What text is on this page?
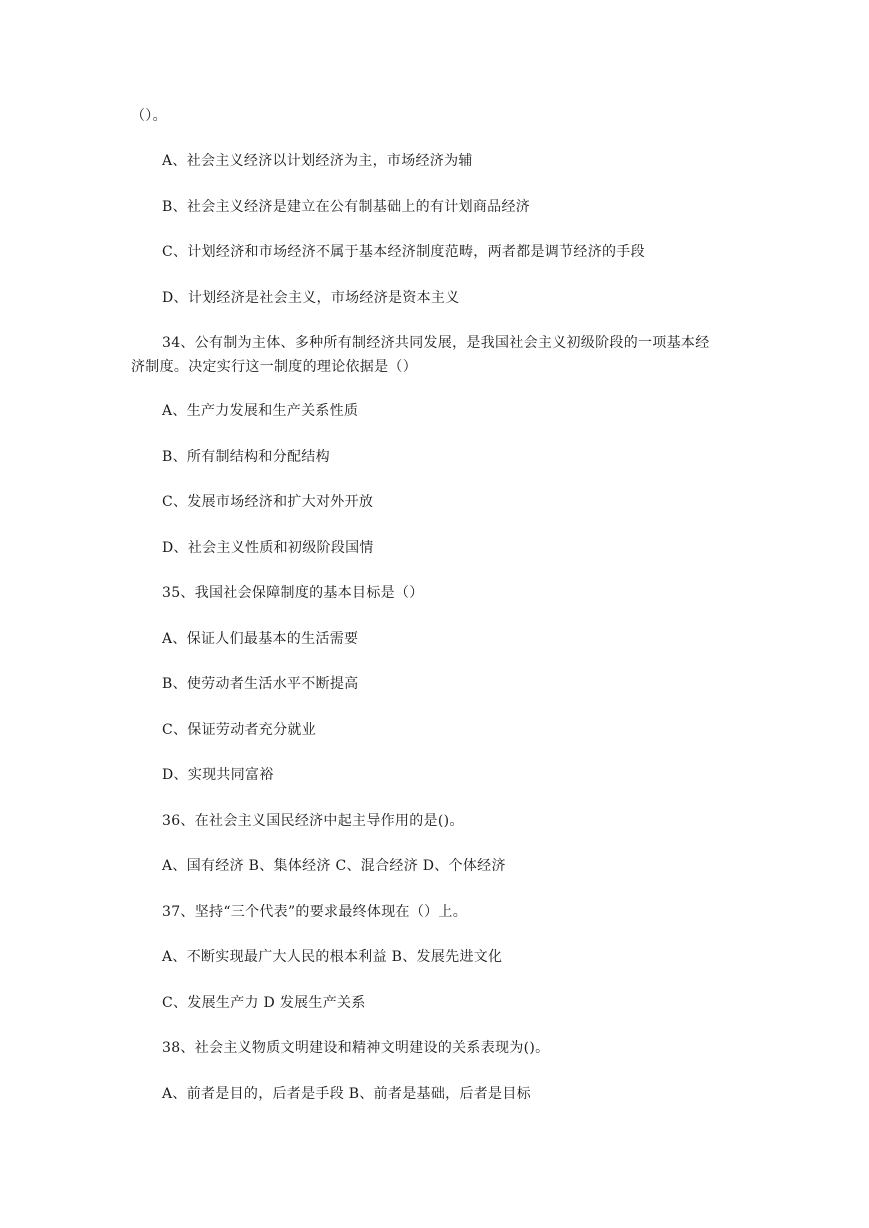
（）。
A、社会主义经济以计划经济为主，市场经济为辅
B、社会主义经济是建立在公有制基础上的有计划商品经济
C、计划经济和市场经济不属于基本经济制度范畴，两者都是调节经济的手段
D、计划经济是社会主义，市场经济是资本主义
34、公有制为主体、多种所有制经济共同发展，是我国社会主义初级阶段的一项基本经
济制度。决定实行这一制度的理论依据是（）
A、生产力发展和生产关系性质
B、所有制结构和分配结构
C、发展市场经济和扩大对外开放
D、社会主义性质和初级阶段国情
35、我国社会保障制度的基本目标是（）
A、保证人们最基本的生活需要
B、使劳动者生活水平不断提高
C、保证劳动者充分就业
D、实现共同富裕
36、在社会主义国民经济中起主导作用的是()。
A、国有经济 B、集体经济 C、混合经济 D、个体经济
37、坚持“三个代表”的要求最终体现在（）上。
A、不断实现最广大人民的根本利益 B、发展先进文化
C、发展生产力 D 发展生产关系
38、社会主义物质文明建设和精神文明建设的关系表现为()。
A、前者是目的，后者是手段 B、前者是基础，后者是目标
